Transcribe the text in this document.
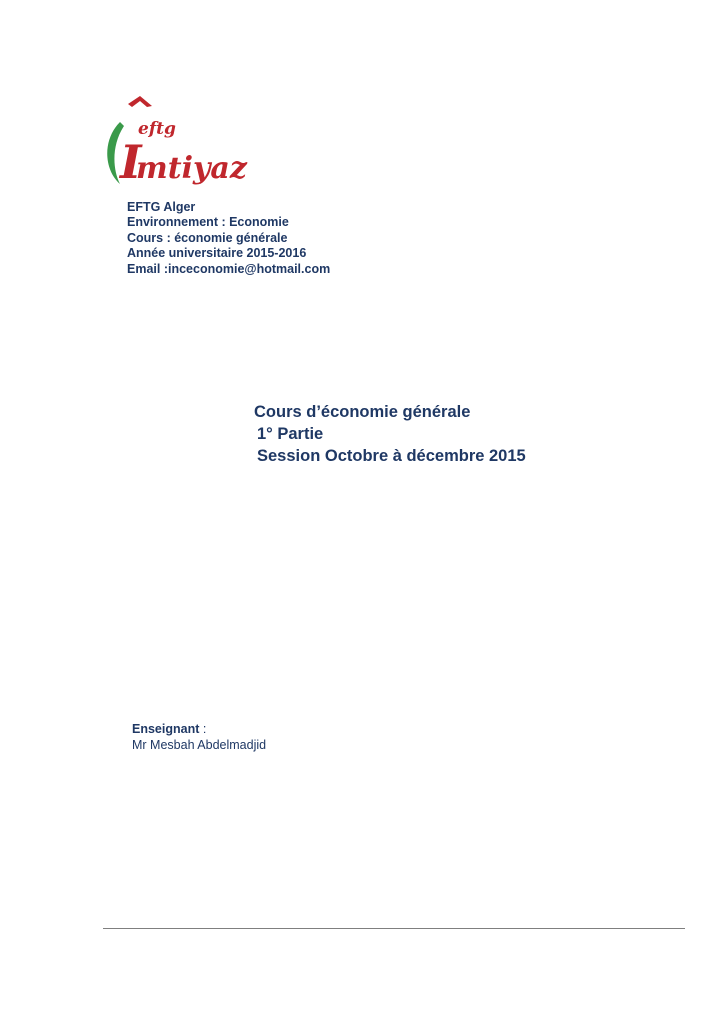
eftg
I
mtiyaz
EFTG Alger
Environnement : Economie
Cours : économie générale
Année universitaire 2015-2016
Email :inceconomie@hotmail.com
Cours d’économie générale
1° Partie
Session Octobre à décembre 2015
Enseignant :
Mr Mesbah Abdelmadjid
